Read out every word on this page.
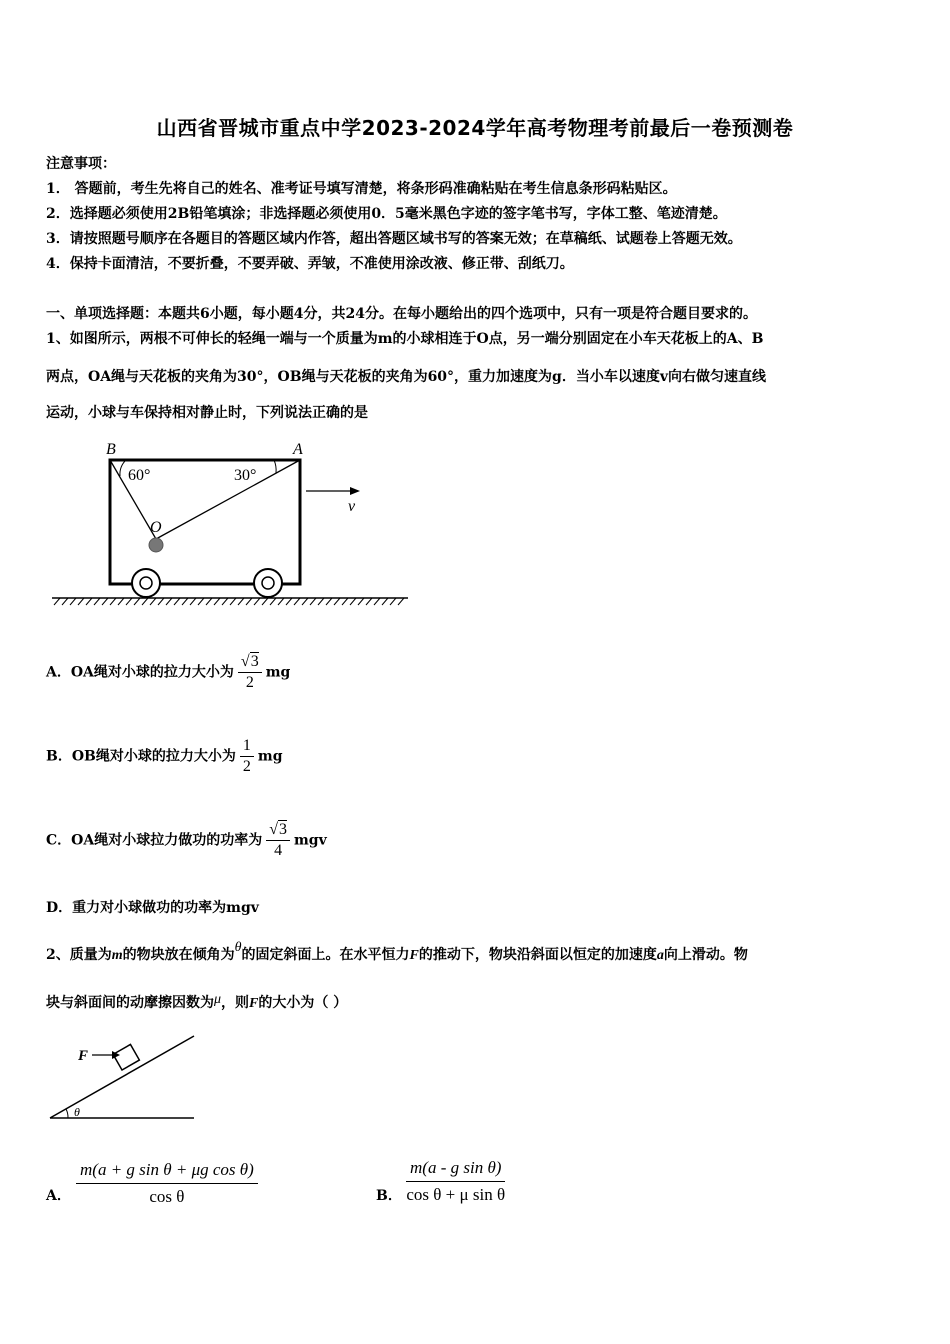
山西省晋城市重点中学2023-2024学年高考物理考前最后一卷预测卷
注意事项：
1． 答题前，考生先将自己的姓名、准考证号填写清楚，将条形码准确粘贴在考生信息条形码粘贴区。
2．选择题必须使用2B铅笔填涂；非选择题必须使用0．5毫米黑色字迹的签字笔书写，字体工整、笔迹清楚。
3．请按照题号顺序在各题目的答题区域内作答，超出答题区域书写的答案无效；在草稿纸、试题卷上答题无效。
4．保持卡面清洁，不要折叠，不要弄破、弄皱，不准使用涂改液、修正带、刮纸刀。
一、单项选择题：本题共6小题，每小题4分，共24分。在每小题给出的四个选项中，只有一项是符合题目要求的。
1、如图所示，两根不可伸长的轻绳一端与一个质量为m的小球相连于O点，另一端分别固定在小车天花板上的A、B
两点，OA绳与天花板的夹角为30°，OB绳与天花板的夹角为60°，重力加速度为g．当小车以速度v向右做匀速直线
运动，小球与车保持相对静止时，下列说法正确的是
B	A
60°	30°
O
v
A．OA绳对小球的拉力大小为 $\frac{√3}{2}$ mg
B．OB绳对小球的拉力大小为 $\frac{1}{2}$ mg
C．OA绳对小球拉力做功的功率为 $\frac{√3}{4}$ mgv
D．重力对小球做功的功率为mgv
2、质量为m的物块放在倾角为θ的固定斜面上。在水平恒力F的推动下，物块沿斜面以恒定的加速度a向上滑动。物
块与斜面间的动摩擦因数为μ，则F的大小为（ ）
F
θ
A． $\frac{\text{m(a + g sin θ + μg cos θ)}}{\text{cos θ}}$	B． $\frac{\text{m(a - g sin θ)}}{\text{cos θ + μ sin θ}}$
